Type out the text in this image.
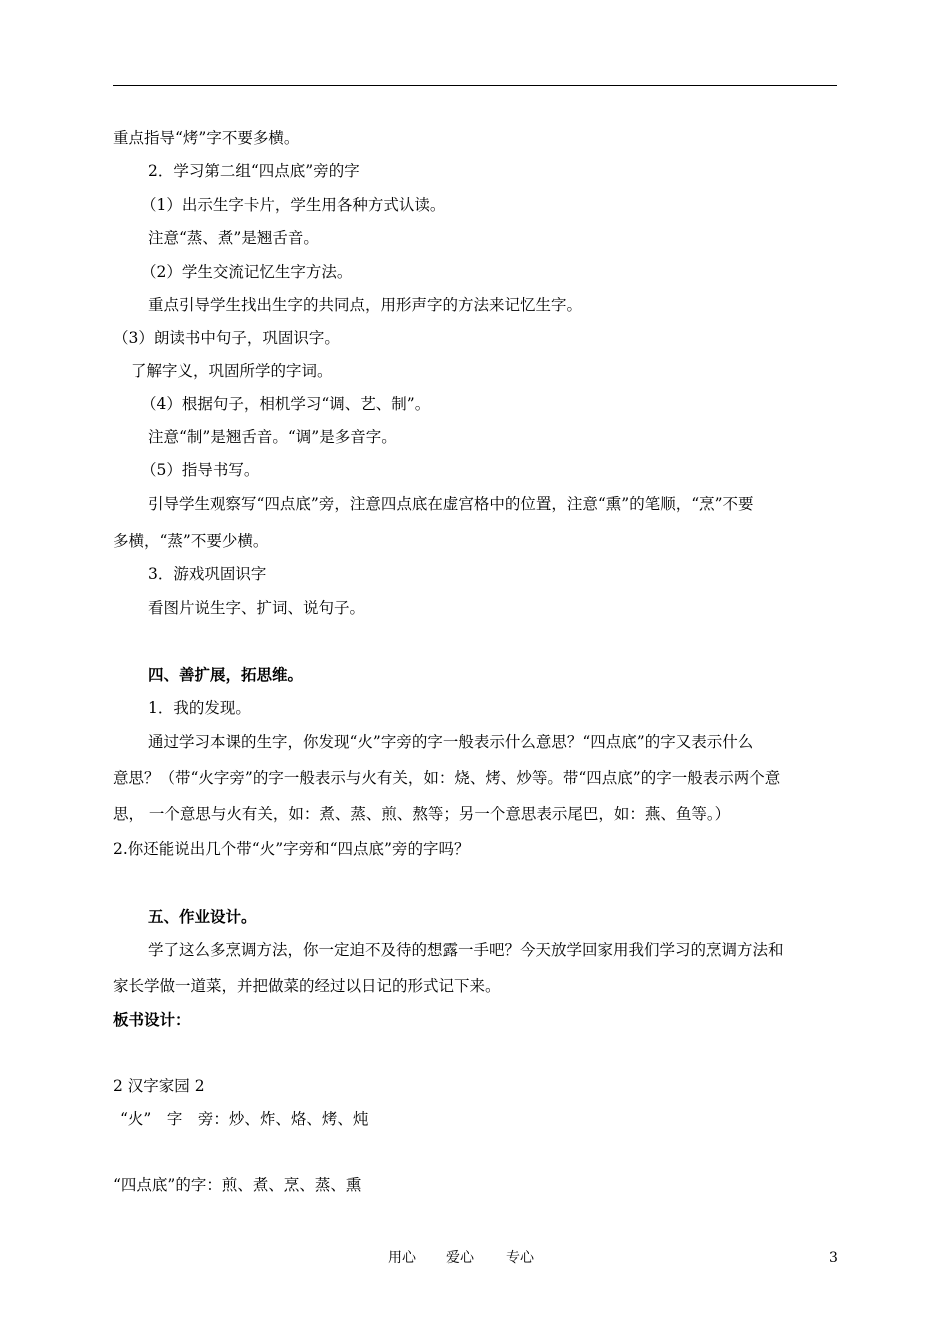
重点指导“烤”字不要多横。
2．学习第二组“四点底”旁的字
（1）出示生字卡片，学生用各种方式认读。
注意“蒸、煮”是翘舌音。
（2）学生交流记忆生字方法。
重点引导学生找出生字的共同点，用形声字的方法来记忆生字。
（3）朗读书中句子，巩固识字。
了解字义，巩固所学的字词。
（4）根据句子，相机学习“调、艺、制”。
注意“制”是翘舌音。“调”是多音字。
（5）指导书写。
引导学生观察写“四点底”旁，注意四点底在虚宫格中的位置，注意“熏”的笔顺，“烹”不要
多横，“蒸”不要少横。
3．游戏巩固识字
看图片说生字、扩词、说句子。
四、善扩展，拓思维。
1．我的发现。
通过学习本课的生字，你发现“火”字旁的字一般表示什么意思？“四点底”的字又表示什么
意思？（带“火字旁”的字一般表示与火有关，如：烧、烤、炒等。带“四点底”的字一般表示两个意
思， 一个意思与火有关，如：煮、蒸、煎、熬等；另一个意思表示尾巴，如：燕、鱼等。）
2.你还能说出几个带“火”字旁和“四点底”旁的字吗？
五、作业设计。
学了这么多烹调方法，你一定迫不及待的想露一手吧？今天放学回家用我们学习的烹调方法和
家长学做一道菜，并把做菜的经过以日记的形式记下来。
板书设计：
2 汉字家园 2
“火”　字　旁：炒、炸、烙、烤、炖
“四点底”的字：煎、煮、烹、蒸、熏
用心 爱心 专心	3
